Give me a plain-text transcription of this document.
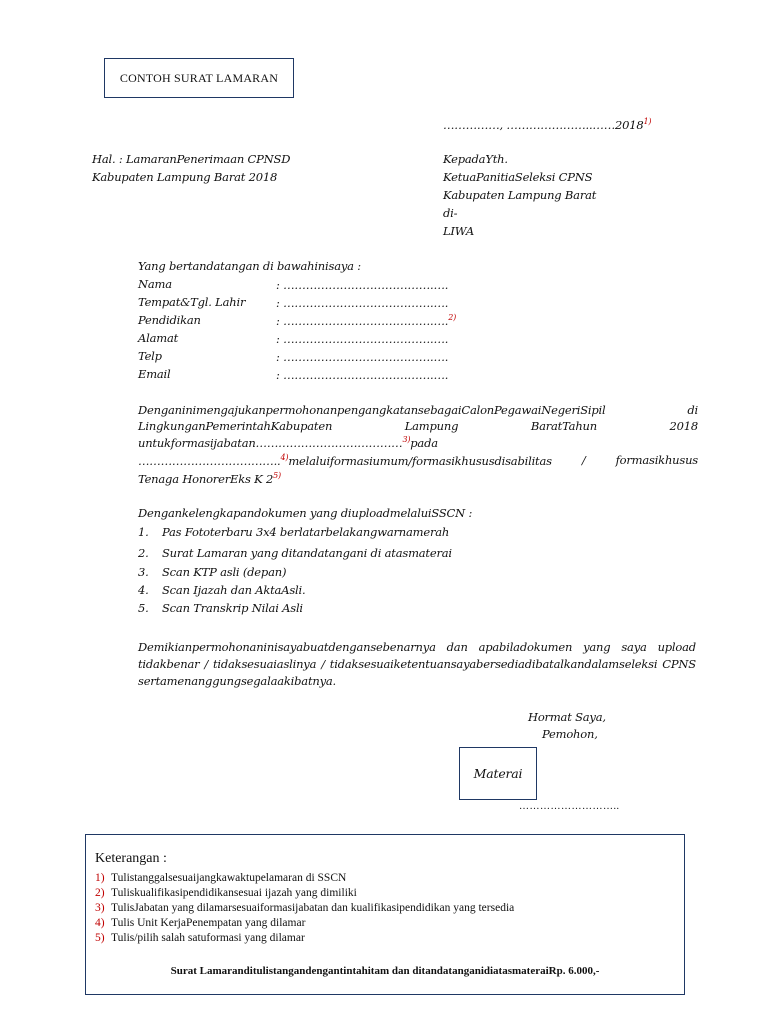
CONTOH SURAT LAMARAN
……………, …………………..……2018$^{1)}$
Hal. : LamaranPenerimaan CPNSD
Kabupaten Lampung Barat 2018
KepadaYth.
KetuaPanitiaSeleksi CPNS
Kabupaten Lampung Barat
di-
LIWA
Yang bertandatangan di bawahinisaya :
Nama	: ………………………………….….
Tempat&Tgl. Lahir	: ………………………………….….
Pendidikan	: ………………………………….….$^{2)}$
Alamat	: ………………………………….….
Telp	: ………………………………….….
Email	: ………………………………….….
DenganinimengajukanpermohonanpengangkatansebagaiCalonPegawaiNegeriSipil	di
LingkunganPemerintahKabupaten	Lampung	BaratTahun	2018
untukformasijabatan…………………………………$^{3)}$pada
………………………………..$^{4)}$melaluiformasiumum/formasikhususdisabilitas	/	formasikhusus
Tenaga HonorerEks K 2$^{5)}$
Dengankelengkapandokumen yang diuploadmelaluiSSCN :
1.	Pas Fototerbaru 3x4 berlatarbelakangwarnamerah
2.	Surat Lamaran yang ditandatangani di atasmaterai
3.	Scan KTP asli (depan)
4.	Scan Ijazah dan AktaAsli.
5.	Scan Transkrip Nilai Asli
Demikianpermohonaninisayabuatdengansebenarnya dan apabiladokumen yang saya upload
tidakbenar / tidaksesuaiaslinya / tidaksesuaiketentuansayabersediadibatalkandalamseleksi CPNS
sertamenanggungsegalaakibatnya.
Hormat Saya,
Pemohon,
Materai
………………………..
Keterangan :
1) Tulistanggalsesuaijangkawaktupelamaran di SSCN
2) Tuliskualifikasipendidikansesuai ijazah yang dimiliki
3) TulisJabatan yang dilamarsesuaiformasijabatan dan kualifikasipendidikan yang tersedia
4) Tulis Unit KerjaPenempatan yang dilamar
5) Tulis/pilih salah satuformasi yang dilamar
Surat Lamaranditulistangandengantintahitam dan ditandatanganidiatasmateraiRp. 6.000,-
